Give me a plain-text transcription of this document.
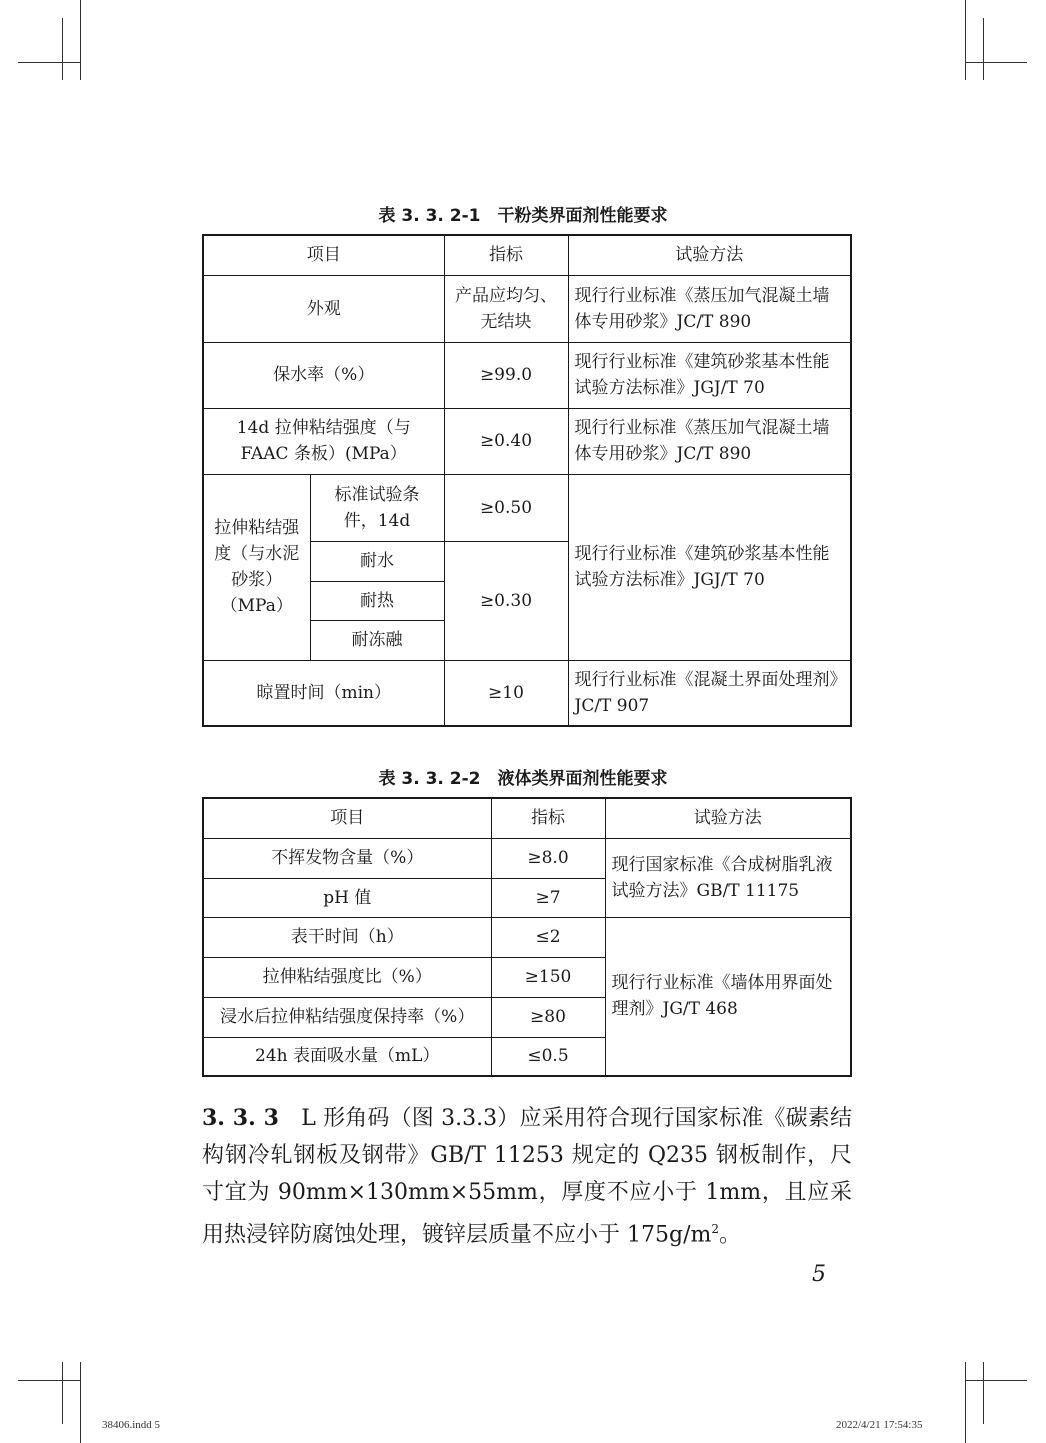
表 3. 3. 2-1　干粉类界面剂性能要求
项目		指标	试验方法
外观		产品应均匀、无结块	现行行业标准《蒸压加气混凝土墙体专用砂浆》JC/T 890
保水率（%）		≥99.0	现行行业标准《建筑砂浆基本性能试验方法标准》JGJ/T 70
14d 拉伸粘结强度（与 FAAC 条板）(MPa）		≥0.40	现行行业标准《蒸压加气混凝土墙体专用砂浆》JC/T 890
拉伸粘结强度（与水泥砂浆）（MPa）	标准试验条件，14d	≥0.50	现行行业标准《建筑砂浆基本性能试验方法标准》JGJ/T 70
	耐水	≥0.30	
	耐热		
	耐冻融		
晾置时间（min）		≥10	现行行业标准《混凝土界面处理剂》JC/T 907
表 3. 3. 2-2　液体类界面剂性能要求
项目	指标	试验方法
不挥发物含量（%）	≥8.0	现行国家标准《合成树脂乳液试验方法》GB/T 11175
pH 值	≥7	
表干时间（h）	≤2	现行行业标准《墙体用界面处理剂》JG/T 468
拉伸粘结强度比（%）	≥150	
浸水后拉伸粘结强度保持率（%）	≥80	
24h 表面吸水量（mL）	≤0.5	
3. 3. 3　 L 形角码（图 3.3.3）应采用符合现行国家标准《碳素结构钢冷轧钢板及钢带》GB/T 11253 规定的 Q235 钢板制作，尺寸宜为 90mm×130mm×55mm，厚度不应小于 1mm，且应采用热浸锌防腐蚀处理，镀锌层质量不应小于 $175g/m^2$。
5
38406.indd 5	2022/4/21 17:54:35
